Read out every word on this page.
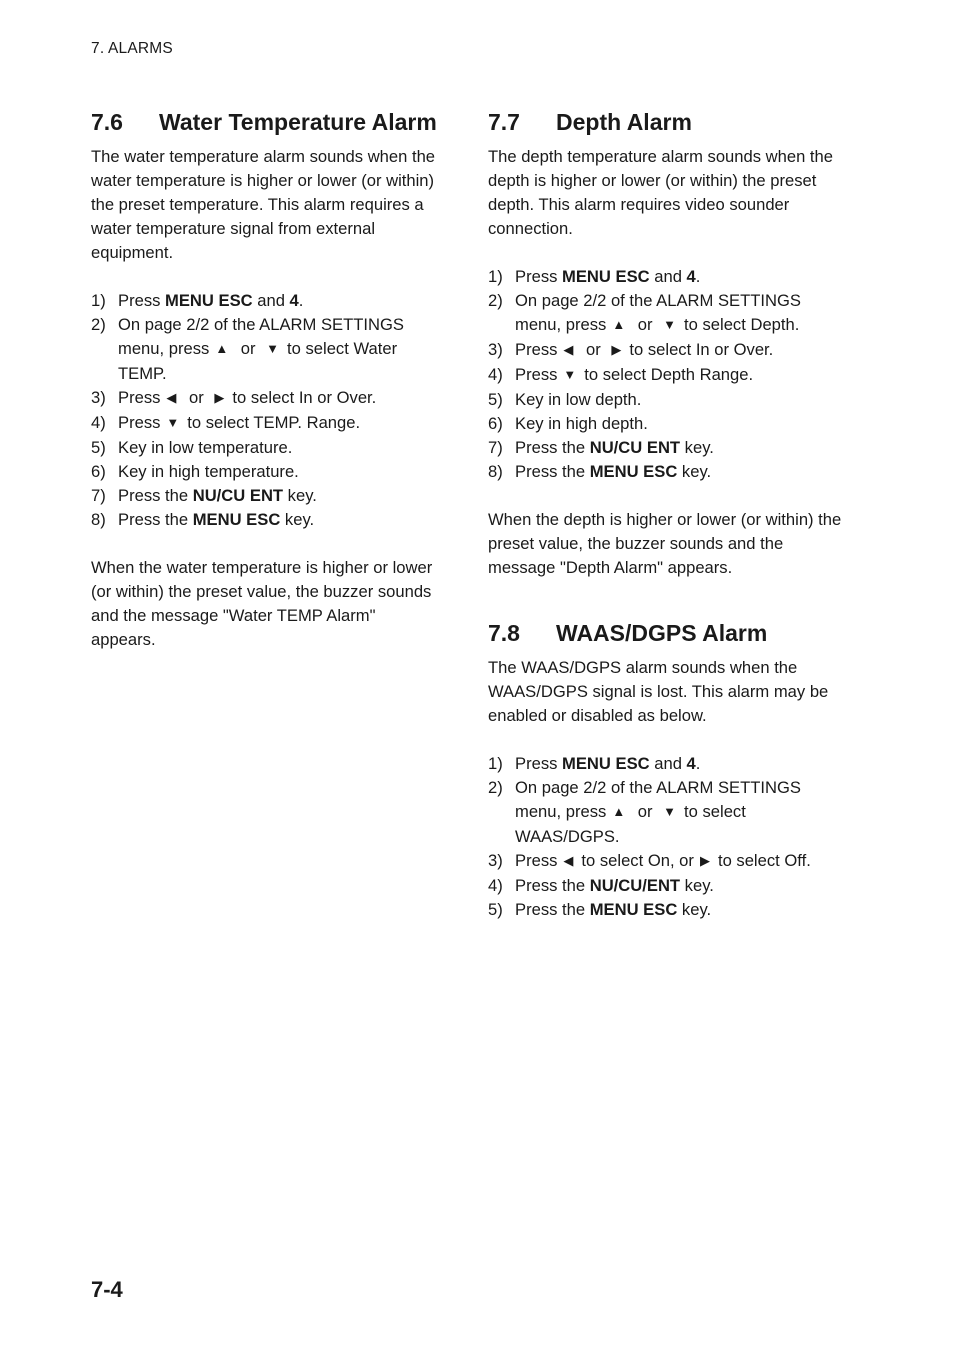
7. ALARMS
7.6	Water Temperature Alarm

The water temperature alarm sounds when the water temperature is higher or lower (or within) the preset temperature. This alarm requires a water temperature signal from external equipment.

1) Press MENU ESC and 4.
2) On page 2/2 of the ALARM SETTINGS menu, press ▲ or ▼ to select Water TEMP.
3) Press ◀ or ▶ to select In or Over.
4) Press ▼ to select TEMP. Range.
5) Key in low temperature.
6) Key in high temperature.
7) Press the NU/CU ENT key.
8) Press the MENU ESC key.

When the water temperature is higher or lower (or within) the preset value, the buzzer sounds and the message "Water TEMP Alarm" appears.

7.7	Depth Alarm

The depth temperature alarm sounds when the depth is higher or lower (or within) the preset depth. This alarm requires video sounder connection.

1) Press MENU ESC and 4.
2) On page 2/2 of the ALARM SETTINGS menu, press ▲ or ▼ to select Depth.
3) Press ◀ or ▶ to select In or Over.
4) Press ▼ to select Depth Range.
5) Key in low depth.
6) Key in high depth.
7) Press the NU/CU ENT key.
8) Press the MENU ESC key.

When the depth is higher or lower (or within) the preset value, the buzzer sounds and the message "Depth Alarm" appears.

7.8	WAAS/DGPS Alarm

The WAAS/DGPS alarm sounds when the WAAS/DGPS signal is lost. This alarm may be enabled or disabled as below.

1) Press MENU ESC and 4.
2) On page 2/2 of the ALARM SETTINGS menu, press ▲ or ▼ to select WAAS/DGPS.
3) Press ◀ to select On, or ▶ to select Off.
4) Press the NU/CU/ENT key.
5) Press the MENU ESC key.
7-4
